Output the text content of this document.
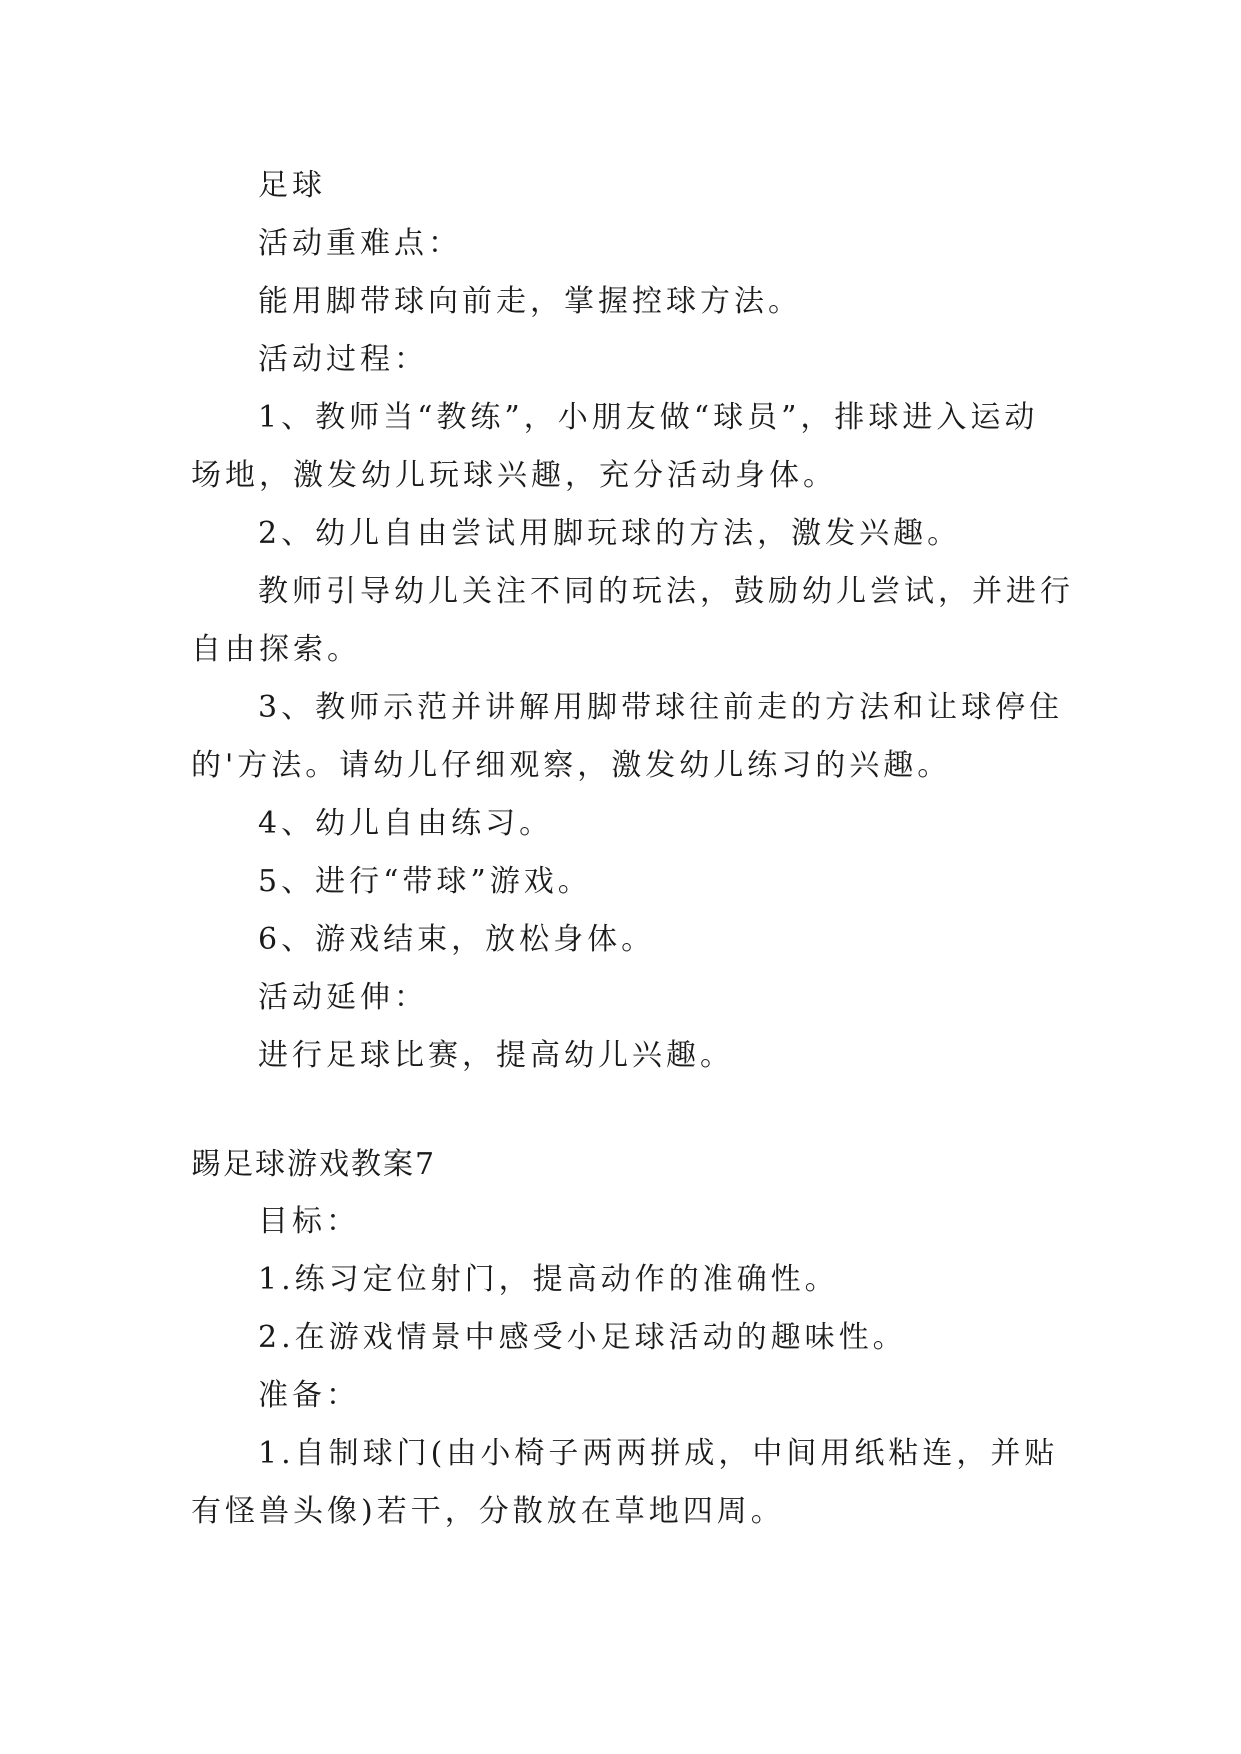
足球
活动重难点：
能用脚带球向前走，掌握控球方法。
活动过程：
1、教师当“教练”，小朋友做“球员”，排球进入运动
场地，激发幼儿玩球兴趣，充分活动身体。
2、幼儿自由尝试用脚玩球的方法，激发兴趣。
教师引导幼儿关注不同的玩法，鼓励幼儿尝试，并进行
自由探索。
3、教师示范并讲解用脚带球往前走的方法和让球停住
的'方法。请幼儿仔细观察，激发幼儿练习的兴趣。
4、幼儿自由练习。
5、进行“带球”游戏。
6、游戏结束，放松身体。
活动延伸：
进行足球比赛，提高幼儿兴趣。
踢足球游戏教案7
目标：
1.练习定位射门，提高动作的准确性。
2.在游戏情景中感受小足球活动的趣味性。
准备：
1.自制球门(由小椅子两两拼成，中间用纸粘连，并贴
有怪兽头像)若干，分散放在草地四周。
